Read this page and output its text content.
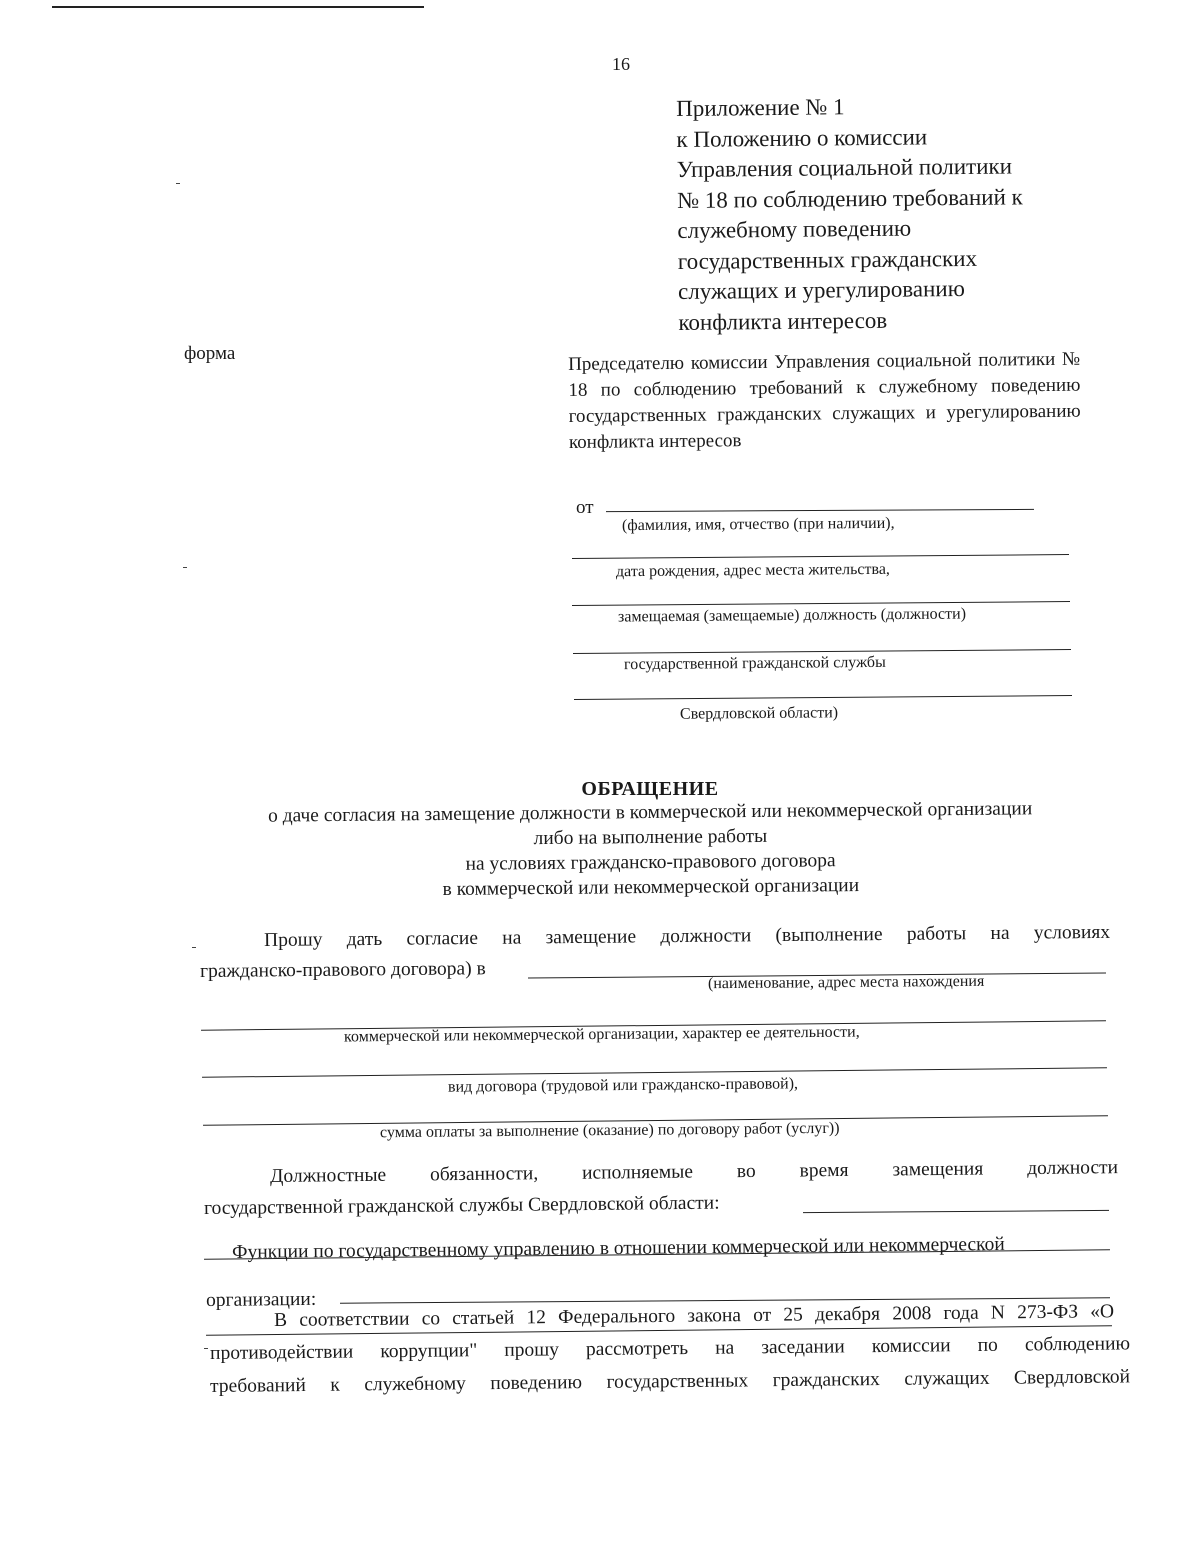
16
Приложение № 1
к Положению о комиссии
Управления социальной политики
№ 18 по соблюдению требований к
служебному поведению
государственных гражданских
служащих и урегулированию
конфликта интересов
форма	Председателю комиссии Управления социальной политики № 18 по соблюдению требований к служебному поведению государственных гражданских служащих и урегулированию конфликта интересов
от
(фамилия, имя, отчество (при наличии),
дата рождения, адрес места жительства,
замещаемая (замещаемые) должность (должности)
государственной гражданской службы
Свердловской области)
ОБРАЩЕНИЕ
о даче согласия на замещение должности в коммерческой или некоммерческой организации
либо на выполнение работы
на условиях гражданско-правового договора
в коммерческой или некоммерческой организации
Прошу дать согласие на замещение должности (выполнение работы на условиях
гражданско-правового договора) в
(наименование, адрес места нахождения
коммерческой или некоммерческой организации, характер ее деятельности,
вид договора (трудовой или гражданско-правовой),
сумма оплаты за выполнение (оказание) по договору работ (услуг))
Должностные обязанности, исполняемые во время замещения должности
государственной гражданской службы Свердловской области:
Функции по государственному управлению в отношении коммерческой или некоммерческой
организации:
В соответствии со статьей 12 Федерального закона от 25 декабря 2008 года N 273-ФЗ «О
противодействии коррупции" прошу рассмотреть на заседании комиссии по соблюдению
требований к служебному поведению государственных гражданских служащих Свердловской
